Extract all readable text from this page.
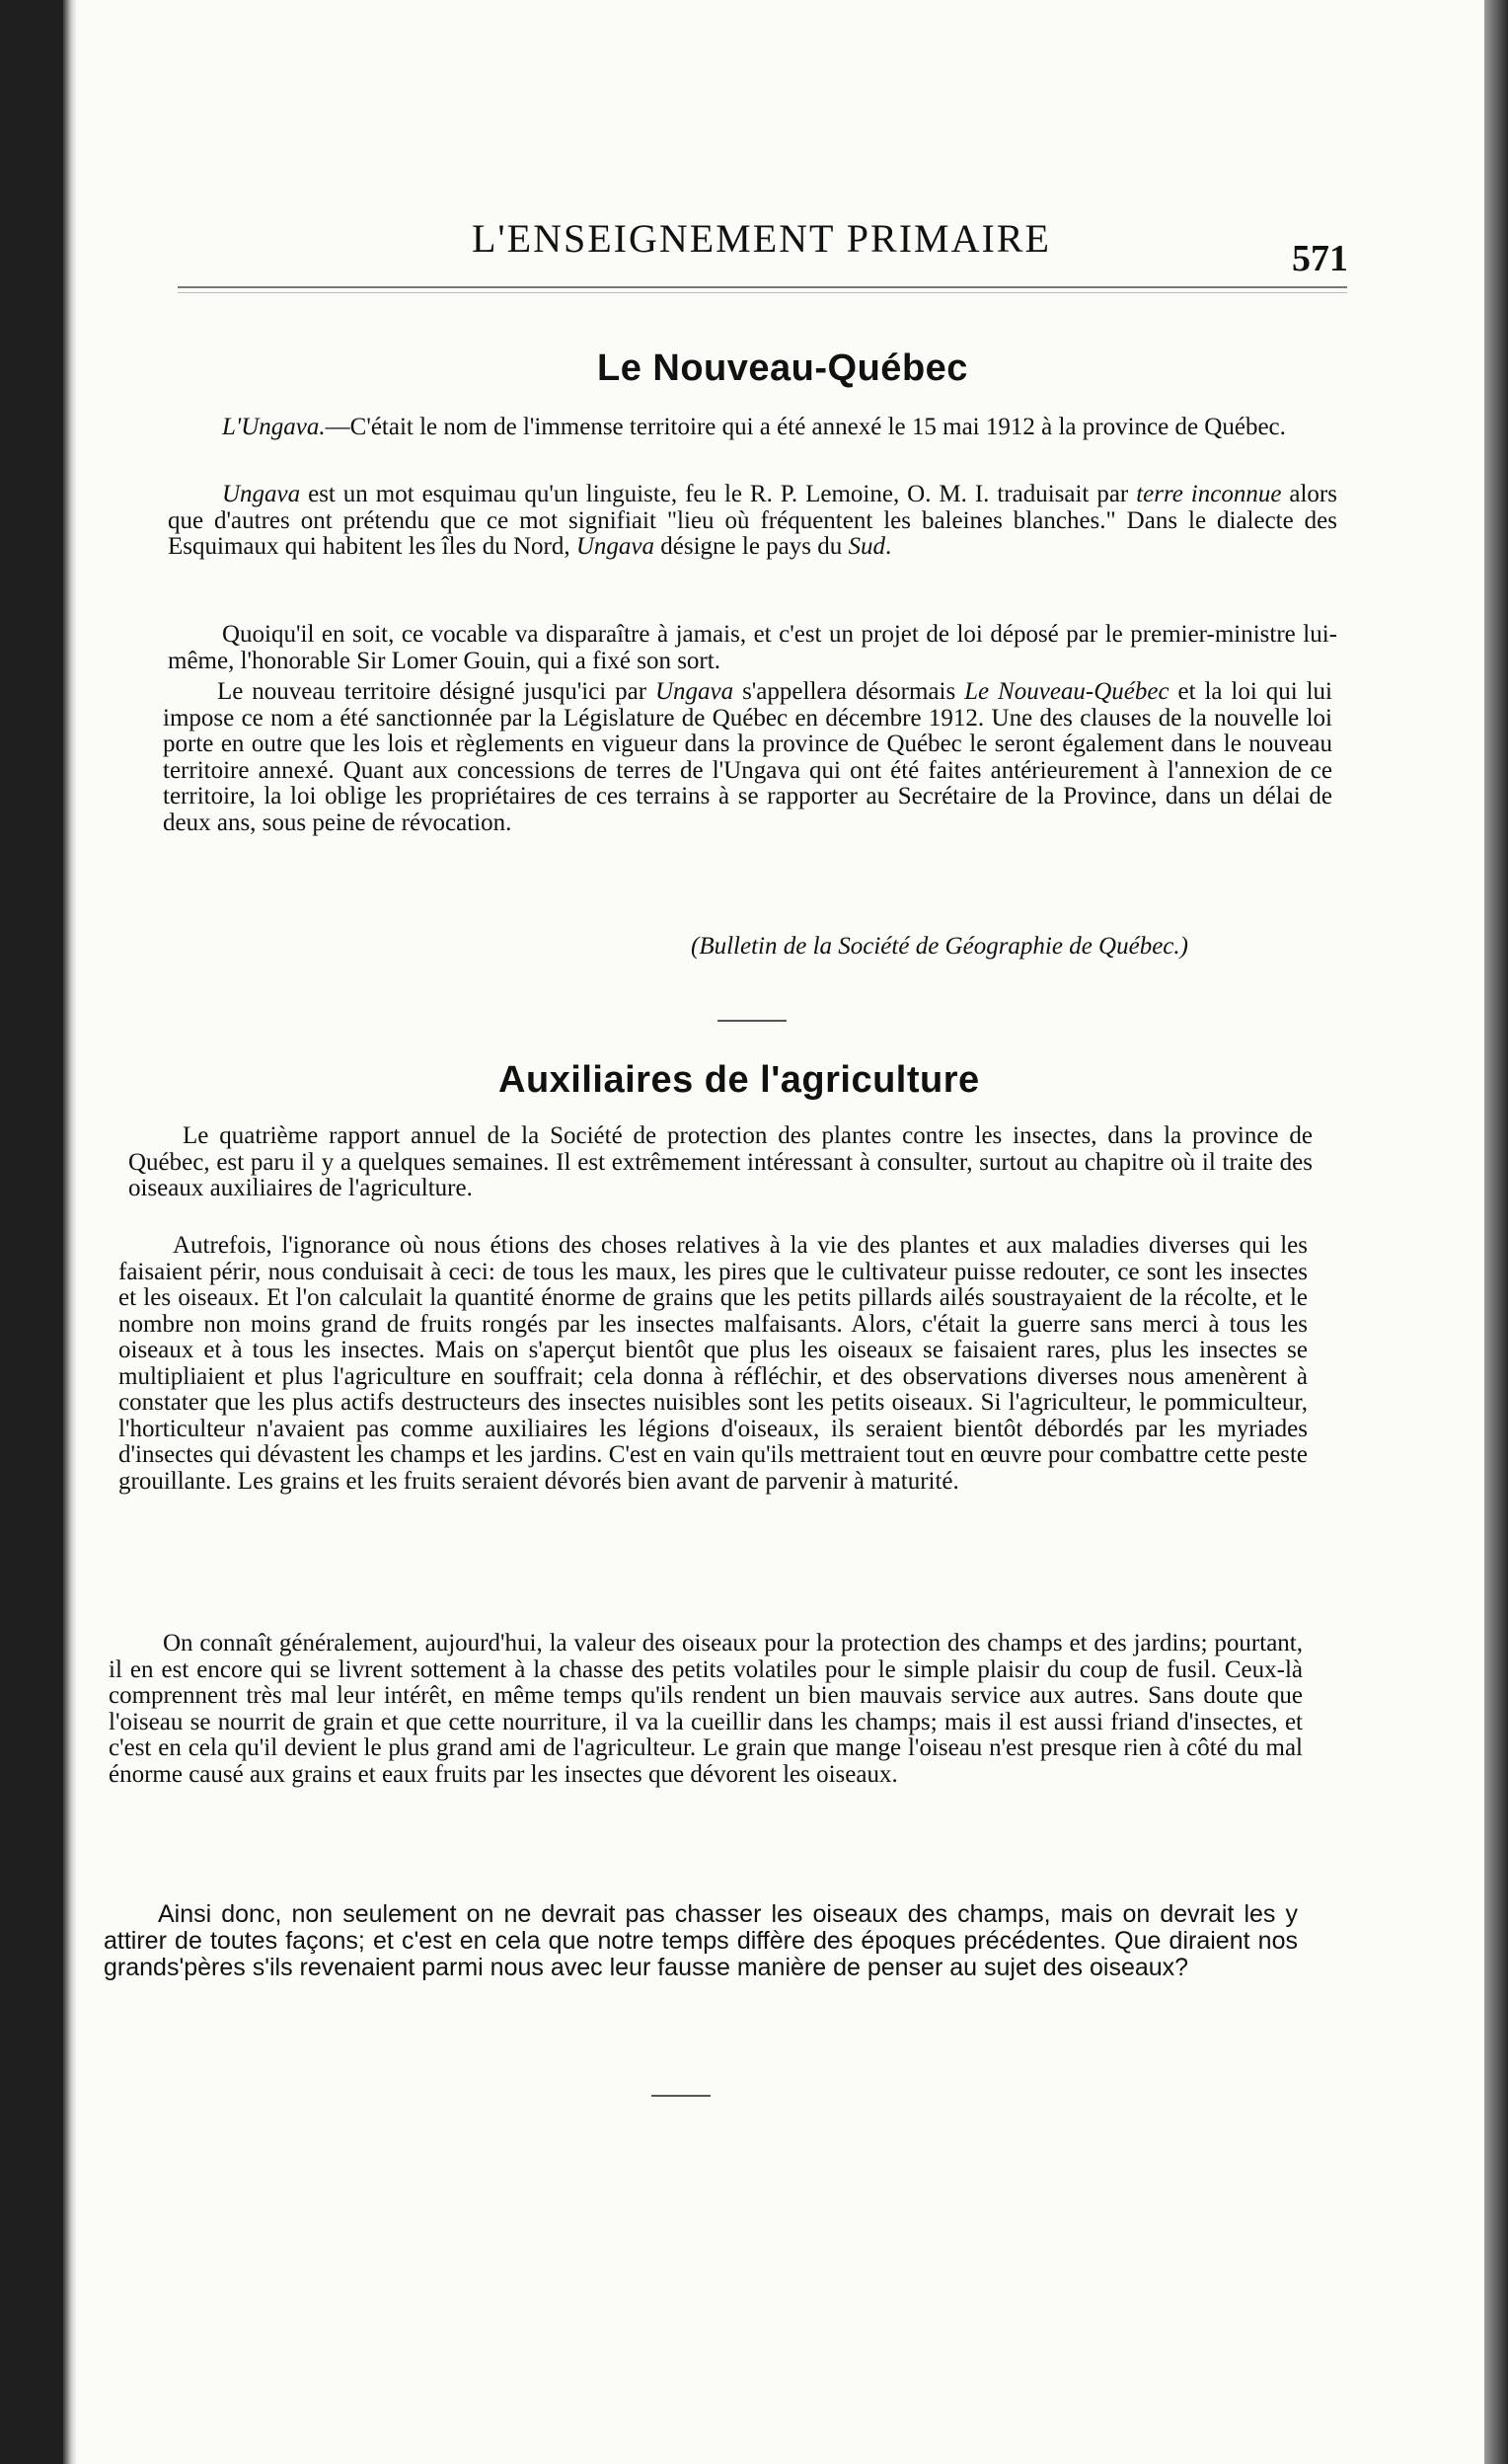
L'ENSEIGNEMENT PRIMAIRE	571
Le Nouveau-Québec

L'Ungava.—C'était le nom de l'immense territoire qui a été annexé le 15 mai 1912 à la province de Québec.

Ungava est un mot esquimau qu'un linguiste, feu le R. P. Lemoine, O. M. I. traduisait par terre inconnue alors que d'autres ont prétendu que ce mot signifiait "lieu où fréquentent les baleines blanches." Dans le dialecte des Esquimaux qui habitent les îles du Nord, Ungava désigne le pays du Sud.

Quoiqu'il en soit, ce vocable va disparaître à jamais, et c'est un projet de loi déposé par le premier-ministre lui-même, l'honorable Sir Lomer Gouin, qui a fixé son sort.

Le nouveau territoire désigné jusqu'ici par Ungava s'appellera désormais Le Nouveau-Québec et la loi qui lui impose ce nom a été sanctionnée par la Législature de Québec en décembre 1912. Une des clauses de la nouvelle loi porte en outre que les lois et règlements en vigueur dans la province de Québec le seront également dans le nouveau territoire annexé. Quant aux concessions de terres de l'Ungava qui ont été faites antérieurement à l'annexion de ce territoire, la loi oblige les propriétaires de ces terrains à se rapporter au Secrétaire de la Province, dans un délai de deux ans, sous peine de révocation.

(Bulletin de la Société de Géographie de Québec.)
Auxiliaires de l'agriculture

Le quatrième rapport annuel de la Société de protection des plantes contre les insectes, dans la province de Québec, est paru il y a quelques semaines. Il est extrêmement intéressant à consulter, surtout au chapitre où il traite des oiseaux auxiliaires de l'agriculture.

Autrefois, l'ignorance où nous étions des choses relatives à la vie des plantes et aux maladies diverses qui les faisaient périr, nous conduisait à ceci: de tous les maux, les pires que le cultivateur puisse redouter, ce sont les insectes et les oiseaux. Et l'on calculait la quantité énorme de grains que les petits pillards ailés soustrayaient de la récolte, et le nombre non moins grand de fruits rongés par les insectes malfaisants. Alors, c'était la guerre sans merci à tous les oiseaux et à tous les insectes. Mais on s'aperçut bientôt que plus les oiseaux se faisaient rares, plus les insectes se multipliaient et plus l'agriculture en souffrait; cela donna à réfléchir, et des observations diverses nous amenèrent à constater que les plus actifs destructeurs des insectes nuisibles sont les petits oiseaux. Si l'agriculteur, le pommiculteur, l'horticulteur n'avaient pas comme auxiliaires les légions d'oiseaux, ils seraient bientôt débordés par les myriades d'insectes qui dévastent les champs et les jardins. C'est en vain qu'ils mettraient tout en œuvre pour combattre cette peste grouillante. Les grains et les fruits seraient dévorés bien avant de parvenir à maturité.

On connaît généralement, aujourd'hui, la valeur des oiseaux pour la protection des champs et des jardins; pourtant, il en est encore qui se livrent sottement à la chasse des petits volatiles pour le simple plaisir du coup de fusil. Ceux-là comprennent très mal leur intérêt, en même temps qu'ils rendent un bien mauvais service aux autres. Sans doute que l'oiseau se nourrit de grain et que cette nourriture, il va la cueillir dans les champs; mais il est aussi friand d'insectes, et c'est en cela qu'il devient le plus grand ami de l'agriculteur. Le grain que mange l'oiseau n'est presque rien à côté du mal énorme causé aux grains et eaux fruits par les insectes que dévorent les oiseaux.

Ainsi donc, non seulement on ne devrait pas chasser les oiseaux des champs, mais on devrait les y attirer de toutes façons; et c'est en cela que notre temps diffère des époques précédentes. Que diraient nos grands'pères s'ils revenaient parmi nous avec leur fausse manière de penser au sujet des oiseaux?
